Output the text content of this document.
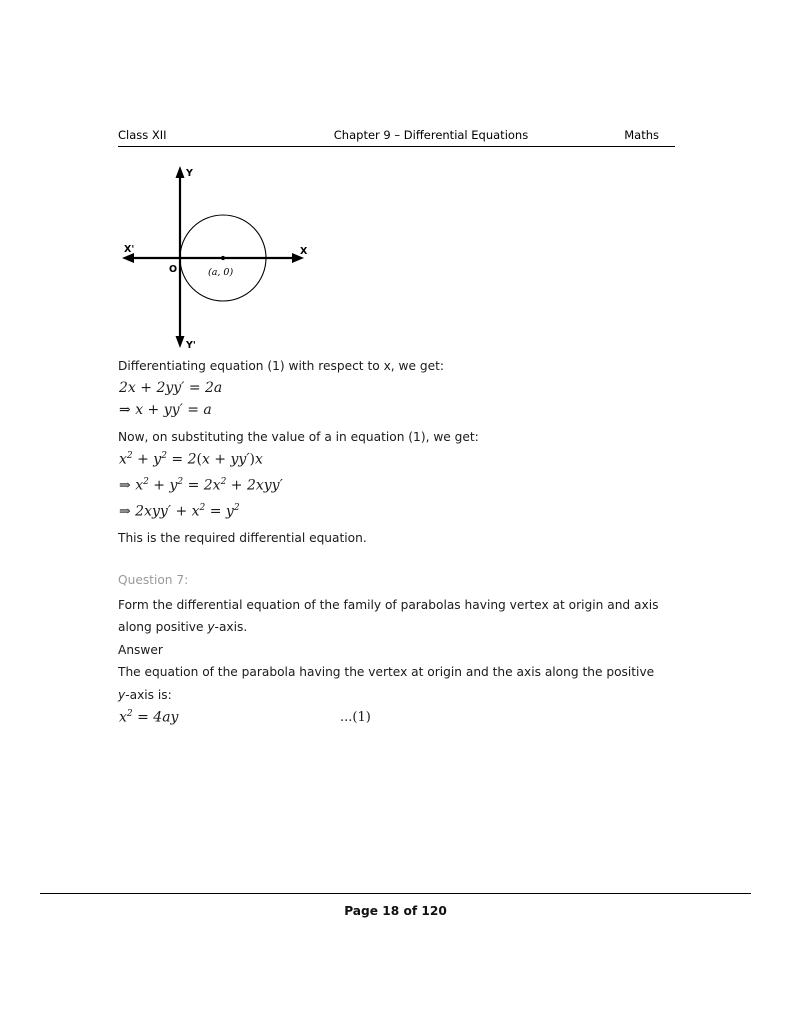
Class XII	Chapter 9 – Differential Equations	Maths
Y
Y'
X
X'
O	(a, 0)
Differentiating equation (1) with respect to x, we get:
2x + 2yy′ = 2a
⇒ x + yy′ = a
Now, on substituting the value of a in equation (1), we get:
$x^2 + y^2 = 2(x + yy')x$
⇒ $x^2 + y^2 = 2x^2 + 2xyy'$
⇒ $2xyy' + x^2 = y^2$
This is the required differential equation.
Question 7:
Form the differential equation of the family of parabolas having vertex at origin and axis
along positive y-axis.
Answer
The equation of the parabola having the vertex at origin and the axis along the positive
y-axis is:
$x^2 = 4ay$	...(1)
Page 18 of 120
